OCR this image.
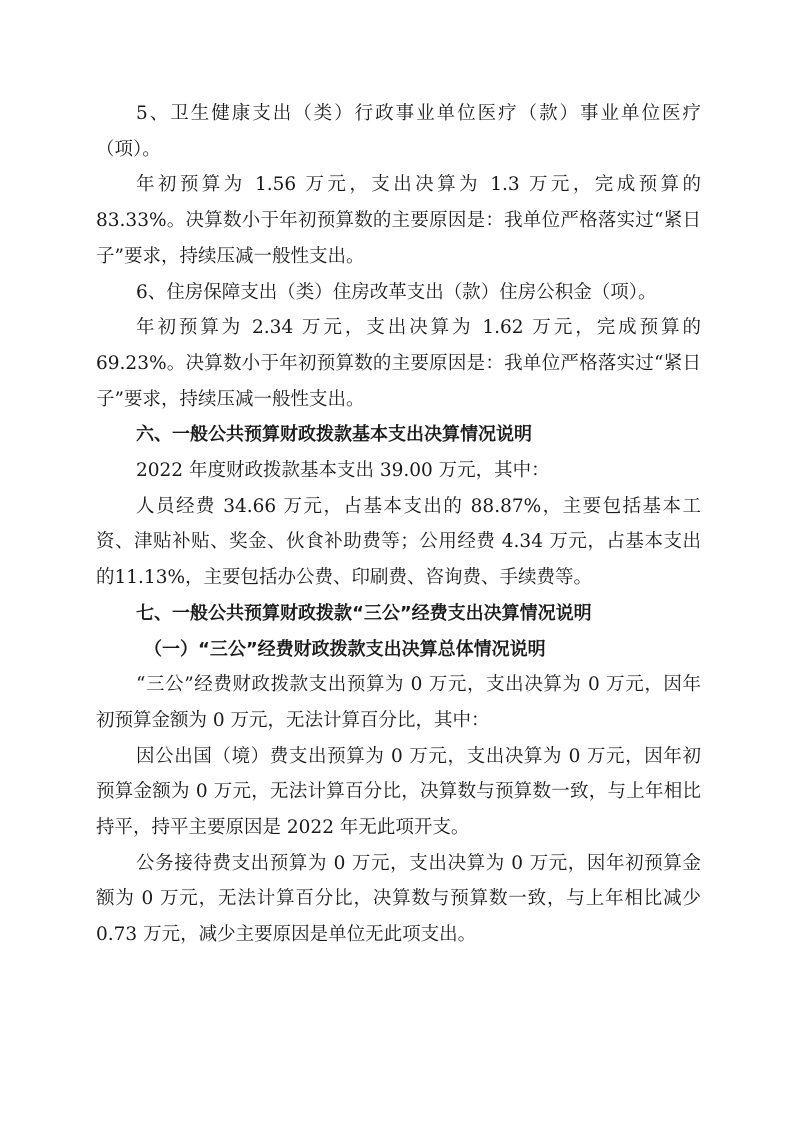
5、卫生健康支出（类）行政事业单位医疗（款）事业单位医疗（项）。

年初预算为 1.56 万元，支出决算为 1.3 万元，完成预算的 83.33%。决算数小于年初预算数的主要原因是：我单位严格落实过“紧日子”要求，持续压减一般性支出。

6、住房保障支出（类）住房改革支出（款）住房公积金（项）。

年初预算为 2.34 万元，支出决算为 1.62 万元，完成预算的69.23%。决算数小于年初预算数的主要原因是：我单位严格落实过“紧日子”要求，持续压减一般性支出。

六、一般公共预算财政拨款基本支出决算情况说明

2022 年度财政拨款基本支出 39.00 万元，其中：

人员经费 34.66 万元，占基本支出的 88.87%，主要包括基本工资、津贴补贴、奖金、伙食补助费等；公用经费 4.34 万元，占基本支出的11.13%，主要包括办公费、印刷费、咨询费、手续费等。

七、一般公共预算财政拨款“三公”经费支出决算情况说明

（一）“三公”经费财政拨款支出决算总体情况说明

“三公”经费财政拨款支出预算为 0 万元，支出决算为 0 万元，因年初预算金额为 0 万元，无法计算百分比，其中：

因公出国（境）费支出预算为 0 万元，支出决算为 0 万元，因年初预算金额为 0 万元，无法计算百分比，决算数与预算数一致，与上年相比持平，持平主要原因是 2022 年无此项开支。

公务接待费支出预算为 0 万元，支出决算为 0 万元，因年初预算金额为 0 万元，无法计算百分比，决算数与预算数一致，与上年相比减少0.73 万元，减少主要原因是单位无此项支出。
